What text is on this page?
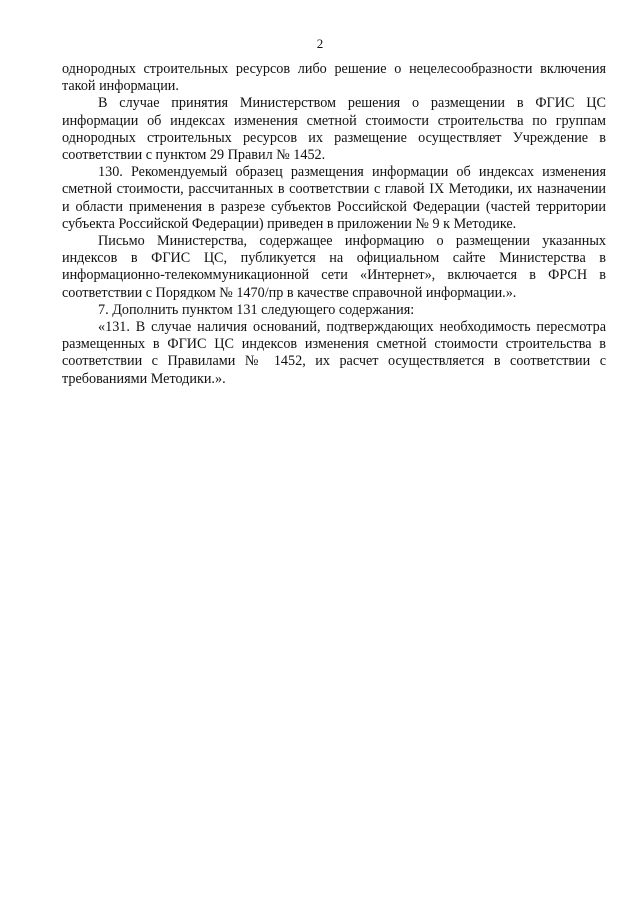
2

однородных строительных ресурсов либо решение о нецелесообразности включения такой информации.

В случае принятия Министерством решения о размещении в ФГИС ЦС информации об индексах изменения сметной стоимости строительства по группам однородных строительных ресурсов их размещение осуществляет Учреждение в соответствии с пунктом 29 Правил № 1452.

130. Рекомендуемый образец размещения информации об индексах изменения сметной стоимости, рассчитанных в соответствии с главой IX Методики, их назначении и области применения в разрезе субъектов Российской Федерации (частей территории субъекта Российской Федерации) приведен в приложении № 9 к Методике.

Письмо Министерства, содержащее информацию о размещении указанных индексов в ФГИС ЦС, публикуется на официальном сайте Министерства в информационно-телекоммуникационной сети «Интернет», включается в ФРСН в соответствии с Порядком № 1470/пр в качестве справочной информации.».

7. Дополнить пунктом 131 следующего содержания:

«131. В случае наличия оснований, подтверждающих необходимость пересмотра размещенных в ФГИС ЦС индексов изменения сметной стоимости строительства в соответствии с Правилами № 1452, их расчет осуществляется в соответствии с требованиями Методики.».
